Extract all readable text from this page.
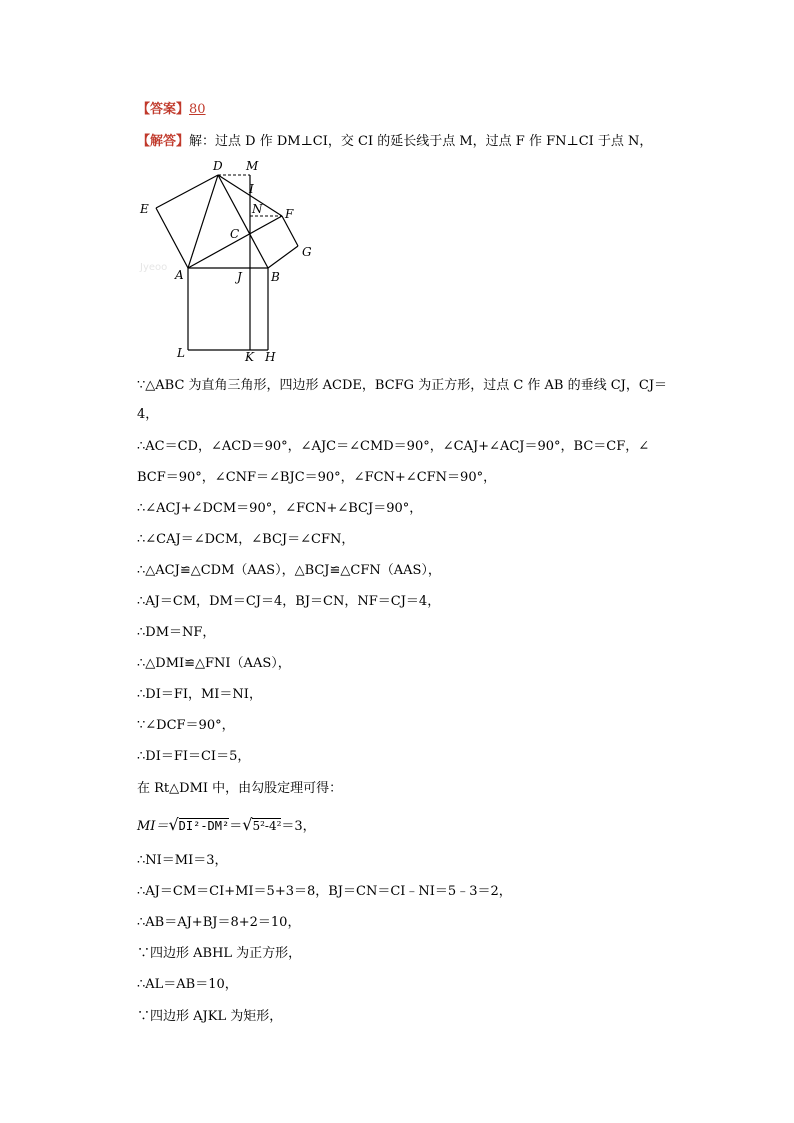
【答案】80
【解答】解：过点 D 作 DM⊥CI，交 CI 的延长线于点 M，过点 F 作 FN⊥CI 于点 N，
D M
I
N F
E
C
G
A	J B
L	K H
Jyeoo
∵△ABC 为直角三角形，四边形 ACDE，BCFG 为正方形，过点 C 作 AB 的垂线 CJ，CJ＝
4，
∴AC＝CD，∠ACD＝90°，∠AJC＝∠CMD＝90°，∠CAJ+∠ACJ＝90°，BC＝CF，∠
BCF＝90°，∠CNF＝∠BJC＝90°，∠FCN+∠CFN＝90°，
∴∠ACJ+∠DCM＝90°，∠FCN+∠BCJ＝90°，
∴∠CAJ＝∠DCM，∠BCJ＝∠CFN，
∴△ACJ≌△CDM（AAS），△BCJ≌△CFN（AAS），
∴AJ＝CM，DM＝CJ＝4，BJ＝CN，NF＝CJ＝4，
∴DM＝NF，
∴△DMI≌△FNI（AAS），
∴DI＝FI，MI＝NI，
∵∠DCF＝90°，
∴DI＝FI＝CI＝5，
在 Rt△DMI 中，由勾股定理可得：
MI＝√DI²-DM²＝√5²-4²＝3，
∴NI＝MI＝3，
∴AJ＝CM＝CI+MI＝5+3＝8，BJ＝CN＝CI﹣NI＝5﹣3＝2，
∴AB＝AJ+BJ＝8+2＝10，
∵四边形 ABHL 为正方形，
∴AL＝AB＝10，
∵四边形 AJKL 为矩形，
